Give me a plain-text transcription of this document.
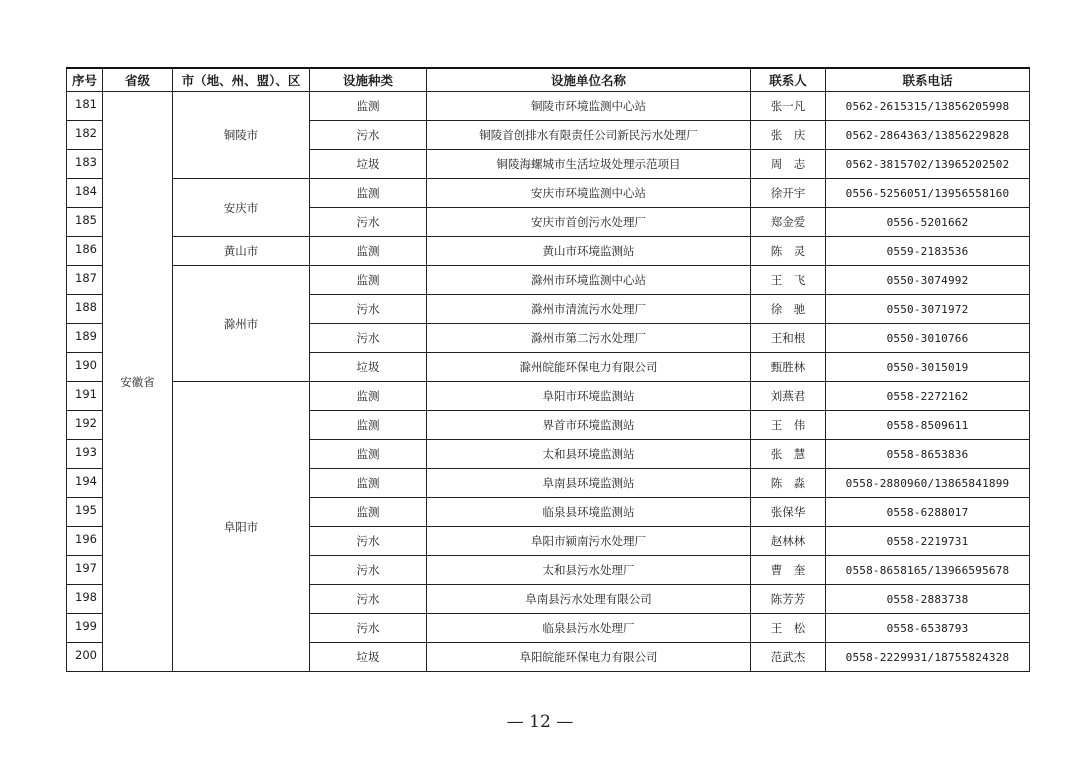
序号	省级	市（地、州、盟）、区	设施种类	设施单位名称	联系人	联系电话
181	安徽省	铜陵市	监测	铜陵市环境监测中心站	张一凡	0562-2615315/13856205998
182			污水	铜陵首创排水有限责任公司新民污水处理厂	张　庆	0562-2864363/13856229828
183			垃圾	铜陵海螺城市生活垃圾处理示范项目	周　志	0562-3815702/13965202502
184		安庆市	监测	安庆市环境监测中心站	徐开宇	0556-5256051/13956558160
185			污水	安庆市首创污水处理厂	郑金爱	0556-5201662
186		黄山市	监测	黄山市环境监测站	陈　灵	0559-2183536
187		滁州市	监测	滁州市环境监测中心站	王　飞	0550-3074992
188			污水	滁州市清流污水处理厂	徐　驰	0550-3071972
189			污水	滁州市第二污水处理厂	王和根	0550-3010766
190			垃圾	滁州皖能环保电力有限公司	甄胜林	0550-3015019
191		阜阳市	监测	阜阳市环境监测站	刘燕君	0558-2272162
192			监测	界首市环境监测站	王　伟	0558-8509611
193			监测	太和县环境监测站	张　慧	0558-8653836
194			监测	阜南县环境监测站	陈　淼	0558-2880960/13865841899
195			监测	临泉县环境监测站	张保华	0558-6288017
196			污水	阜阳市颍南污水处理厂	赵林林	0558-2219731
197			污水	太和县污水处理厂	曹　奎	0558-8658165/13966595678
198			污水	阜南县污水处理有限公司	陈芳芳	0558-2883738
199			污水	临泉县污水处理厂	王　松	0558-6538793
200			垃圾	阜阳皖能环保电力有限公司	范武杰	0558-2229931/18755824328
— 12 —
